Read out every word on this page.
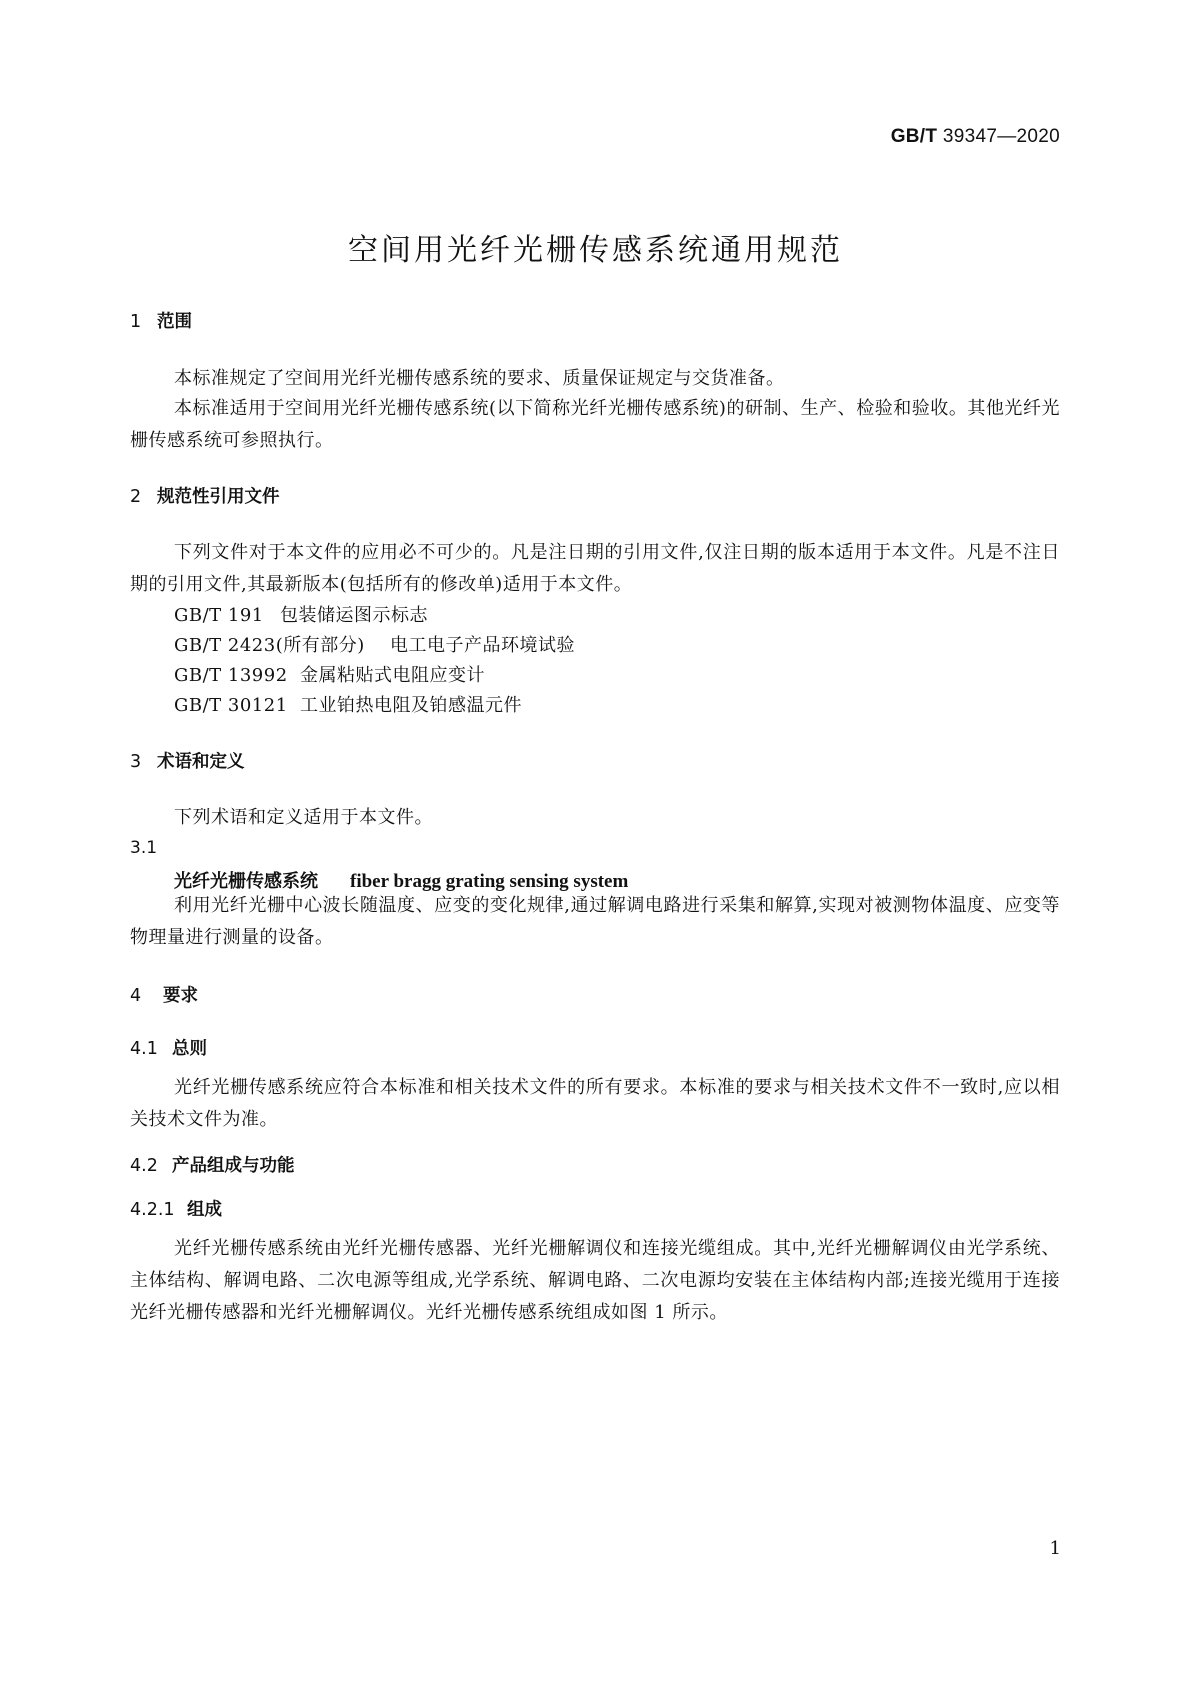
GB/T 39347—2020
空间用光纤光栅传感系统通用规范
1 范围
本标准规定了空间用光纤光栅传感系统的要求、质量保证规定与交货准备。
本标准适用于空间用光纤光栅传感系统(以下简称光纤光栅传感系统)的研制、生产、检验和验收。其他光纤光栅传感系统可参照执行。
2 规范性引用文件
下列文件对于本文件的应用必不可少的。凡是注日期的引用文件,仅注日期的版本适用于本文件。凡是不注日期的引用文件,其最新版本(包括所有的修改单)适用于本文件。
GB/T 191 包装储运图示标志
GB/T 2423(所有部分) 电工电子产品环境试验
GB/T 13992 金属粘贴式电阻应变计
GB/T 30121 工业铂热电阻及铂感温元件
3 术语和定义
下列术语和定义适用于本文件。
3.1
光纤光栅传感系统 fiber bragg grating sensing system
利用光纤光栅中心波长随温度、应变的变化规律,通过解调电路进行采集和解算,实现对被测物体温度、应变等物理量进行测量的设备。
4 要求
4.1 总则
光纤光栅传感系统应符合本标准和相关技术文件的所有要求。本标准的要求与相关技术文件不一致时,应以相关技术文件为准。
4.2 产品组成与功能
4.2.1 组成
光纤光栅传感系统由光纤光栅传感器、光纤光栅解调仪和连接光缆组成。其中,光纤光栅解调仪由光学系统、主体结构、解调电路、二次电源等组成,光学系统、解调电路、二次电源均安装在主体结构内部;连接光缆用于连接光纤光栅传感器和光纤光栅解调仪。光纤光栅传感系统组成如图 1 所示。
1
